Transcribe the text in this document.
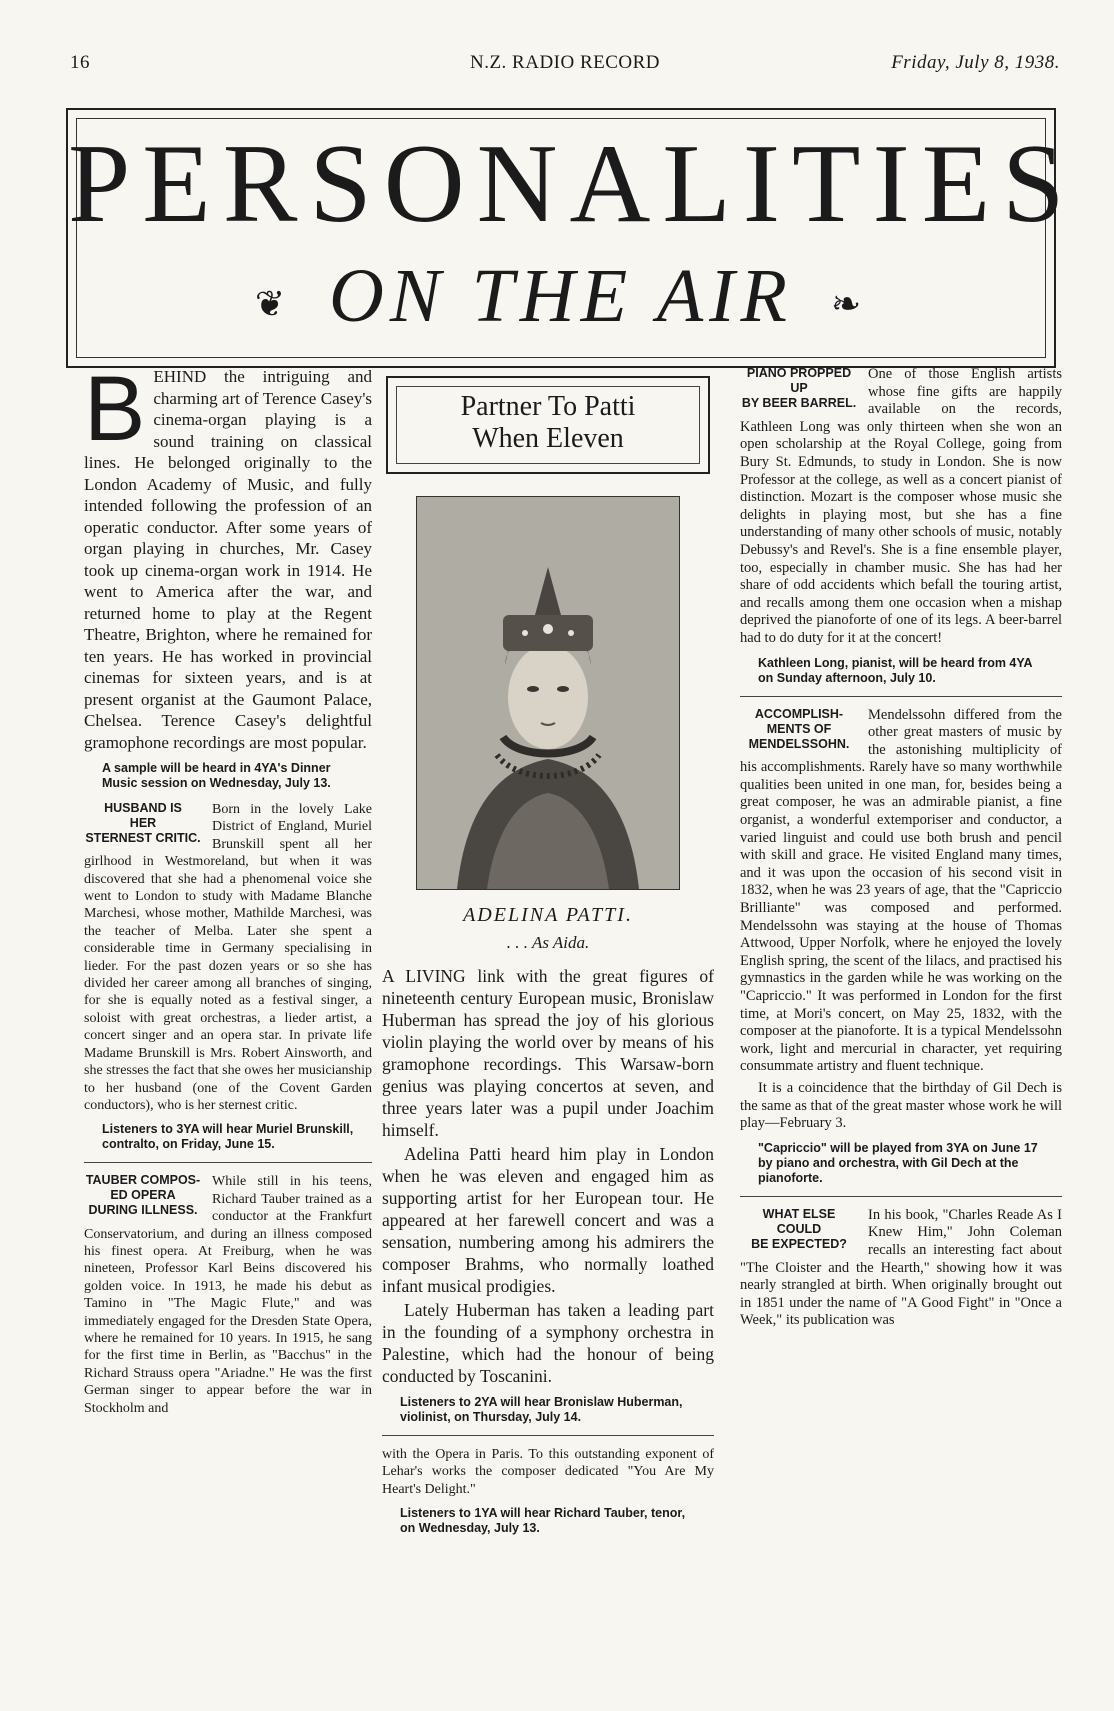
16	N.Z. RADIO RECORD	Friday, July 8, 1938.
PERSONALITIES
❦ ON THE AIR ❧

BEHIND the intriguing and charming art of Terence Casey's cinema-organ playing is a sound training on classical lines. He belonged originally to the London Academy of Music, and fully intended following the profession of an operatic conductor. After some years of organ playing in churches, Mr. Casey took up cinema-organ work in 1914. He went to America after the war, and returned home to play at the Regent Theatre, Brighton, where he remained for ten years. He has worked in provincial cinemas for sixteen years, and is at present organist at the Gaumont Palace, Chelsea. Terence Casey's delightful gramophone recordings are most popular.

A sample will be heard in 4YA's Dinner Music session on Wednesday, July 13.
HUSBAND IS
HER
STERNEST CRITIC.
Born in the lovely Lake District of England, Muriel Brunskill spent all her girlhood in Westmoreland, but when it was discovered that she had a phenomenal voice she went to London to study with Madame Blanche Marchesi, whose mother, Mathilde Marchesi, was the teacher of Melba. Later she spent a considerable time in Germany specialising in lieder. For the past dozen years or so she has divided her career among all branches of singing, for she is equally noted as a festival singer, a soloist with great orchestras, a lieder artist, a concert singer and an opera star. In private life Madame Brunskill is Mrs. Robert Ainsworth, and she stresses the fact that she owes her musicianship to her husband (one of the Covent Garden conductors), who is her sternest critic.
Listeners to 3YA will hear Muriel Brunskill, contralto, on Friday, June 15.
TAUBER COMPOS-
ED OPERA
DURING ILLNESS.
While still in his teens, Richard Tauber trained as a conductor at the Frankfurt Conservatorium, and during an illness composed his finest opera. At Freiburg, when he was nineteen, Professor Karl Beins discovered his golden voice. In 1913, he made his debut as Tamino in "The Magic Flute," and was immediately engaged for the Dresden State Opera, where he remained for 10 years. In 1915, he sang for the first time in Berlin, as "Bacchus" in the Richard Strauss opera "Ariadne." He was the first German singer to appear before the war in Stockholm and
Partner To Patti
When Eleven
ADELINA PATTI.
. . . As Aida.

A LIVING link with the great figures of nineteenth century European music, Bronislaw Huberman has spread the joy of his glorious violin playing the world over by means of his gramophone recordings. This Warsaw-born genius was playing concertos at seven, and three years later was a pupil under Joachim himself.

Adelina Patti heard him play in London when he was eleven and engaged him as supporting artist for her European tour. He appeared at her farewell concert and was a sensation, numbering among his admirers the composer Brahms, who normally loathed infant musical prodigies.

Lately Huberman has taken a leading part in the founding of a symphony orchestra in Palestine, which had the honour of being conducted by Toscanini.

Listeners to 2YA will hear Bronislaw Huberman, violinist, on Thursday, July 14.

with the Opera in Paris. To this outstanding exponent of Lehar's works the composer dedicated "You Are My Heart's Delight."

Listeners to 1YA will hear Richard Tauber, tenor, on Wednesday, July 13.
PIANO PROPPED
UP
BY BEER BARREL.
One of those English artists whose fine gifts are happily available on the records, Kathleen Long was only thirteen when she won an open scholarship at the Royal College, going from Bury St. Edmunds, to study in London. She is now Professor at the college, as well as a concert pianist of distinction. Mozart is the composer whose music she delights in playing most, but she has a fine understanding of many other schools of music, notably Debussy's and Revel's. She is a fine ensemble player, too, especially in chamber music. She has had her share of odd accidents which befall the touring artist, and recalls among them one occasion when a mishap deprived the pianoforte of one of its legs. A beer-barrel had to do duty for it at the concert!
Kathleen Long, pianist, will be heard from 4YA on Sunday afternoon, July 10.
ACCOMPLISH-
MENTS OF
MENDELSSOHN.
Mendelssohn differed from the other great masters of music by the astonishing multiplicity of his accomplishments. Rarely have so many worthwhile qualities been united in one man, for, besides being a great composer, he was an admirable pianist, a fine organist, a wonderful extemporiser and conductor, a varied linguist and could use both brush and pencil with skill and grace. He visited England many times, and it was upon the occasion of his second visit in 1832, when he was 23 years of age, that the "Capriccio Brilliante" was composed and performed. Mendelssohn was staying at the house of Thomas Attwood, Upper Norfolk, where he enjoyed the lovely English spring, the scent of the lilacs, and practised his gymnastics in the garden while he was working on the "Capriccio." It was performed in London for the first time, at Mori's concert, on May 25, 1832, with the composer at the pianoforte. It is a typical Mendelssohn work, light and mercurial in character, yet requiring consummate artistry and fluent technique.

It is a coincidence that the birthday of Gil Dech is the same as that of the great master whose work he will play—February 3.

"Capriccio" will be played from 3YA on June 17 by piano and orchestra, with Gil Dech at the pianoforte.
WHAT ELSE
COULD
BE EXPECTED?
In his book, "Charles Reade As I Knew Him," John Coleman recalls an interesting fact about "The Cloister and the Hearth," showing how it was nearly strangled at birth. When originally brought out in 1851 under the name of "A Good Fight" in "Once a Week," its publication was
